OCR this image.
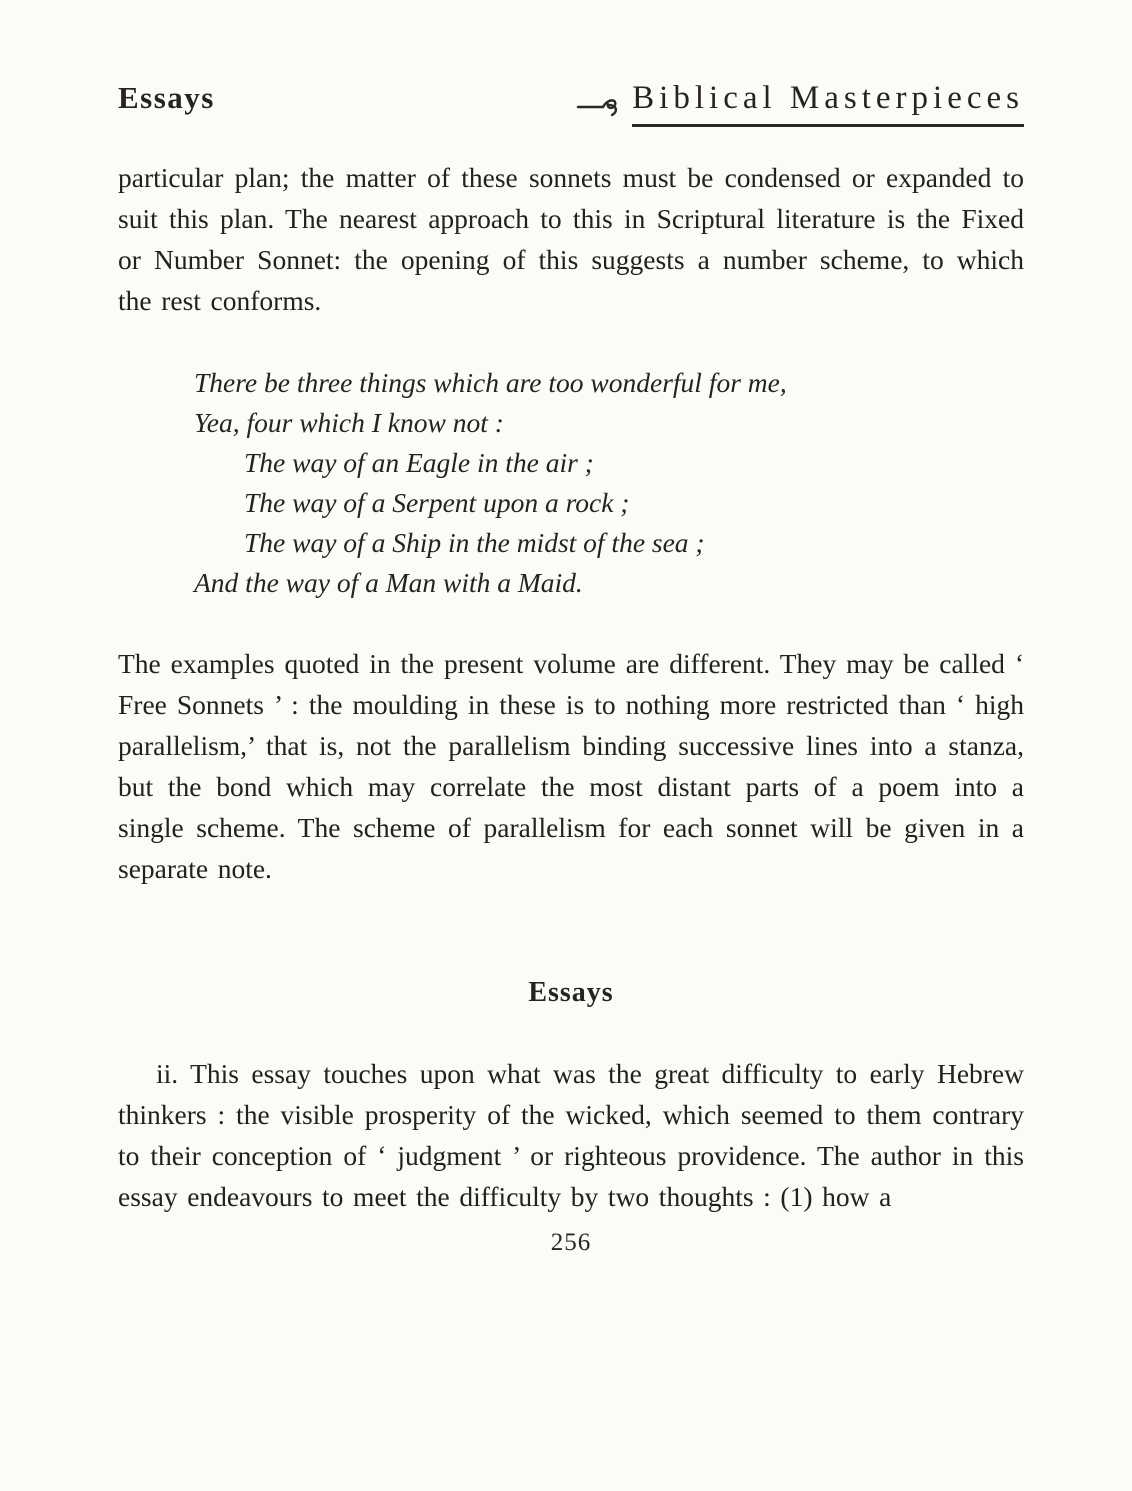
Essays	Biblical Masterpieces

particular plan; the matter of these sonnets must be condensed or expanded to suit this plan. The nearest approach to this in Scriptural literature is the Fixed or Number Sonnet: the opening of this suggests a number scheme, to which the rest conforms.

There be three things which are too wonderful for me,
Yea, four which I know not :
The way of an Eagle in the air ;
The way of a Serpent upon a rock ;
The way of a Ship in the midst of the sea ;
And the way of a Man with a Maid.

The examples quoted in the present volume are different. They may be called ‘ Free Sonnets ’ : the moulding in these is to nothing more restricted than ‘ high parallelism,’ that is, not the parallelism binding successive lines into a stanza, but the bond which may correlate the most distant parts of a poem into a single scheme. The scheme of parallelism for each sonnet will be given in a separate note.

Essays

ii. This essay touches upon what was the great difficulty to early Hebrew thinkers : the visible prosperity of the wicked, which seemed to them contrary to their conception of ‘ judgment ’ or righteous providence. The author in this essay endeavours to meet the difficulty by two thoughts : (1) how a

256
